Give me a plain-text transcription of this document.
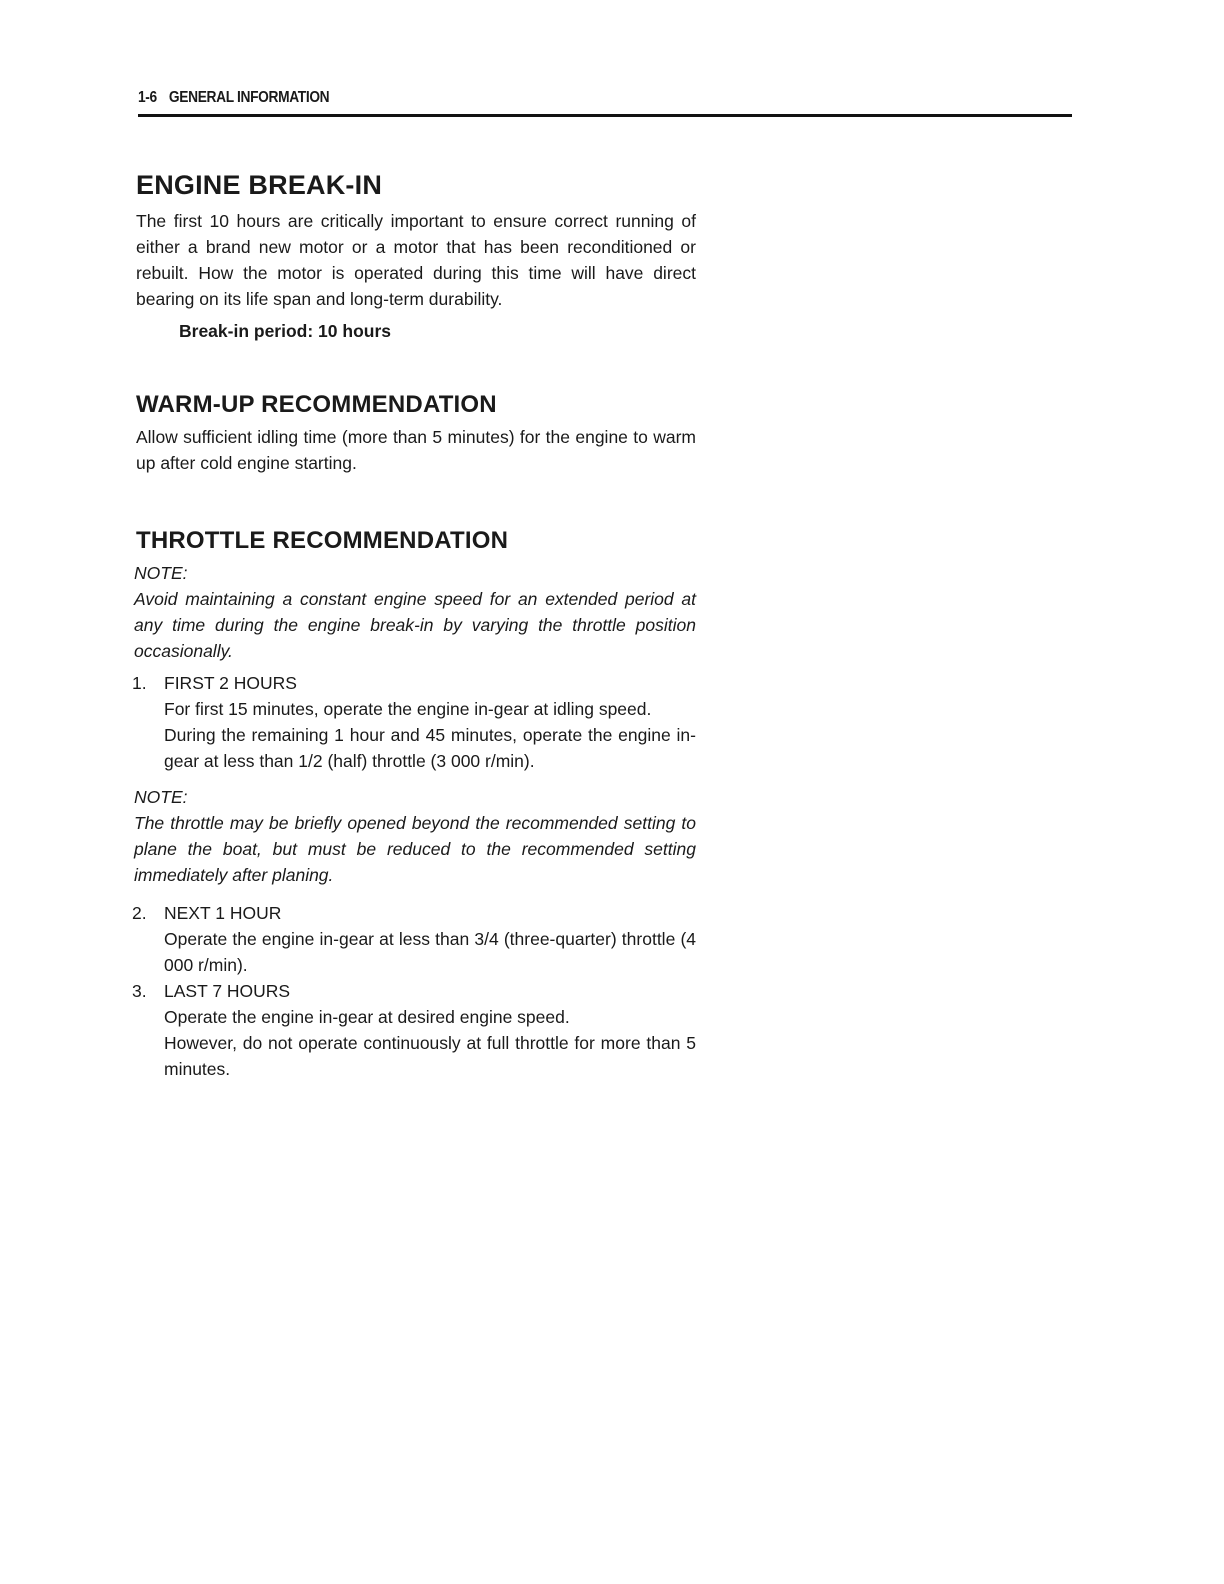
1-6 GENERAL INFORMATION
ENGINE BREAK-IN

The first 10 hours are critically important to ensure correct running of either a brand new motor or a motor that has been reconditioned or rebuilt. How the motor is operated during this time will have direct bearing on its life span and long-term durability.

Break-in period: 10 hours
WARM-UP RECOMMENDATION

Allow sufficient idling time (more than 5 minutes) for the engine to warm up after cold engine starting.

THROTTLE RECOMMENDATION
NOTE:
Avoid maintaining a constant engine speed for an extended period at any time during the engine break-in by varying the throttle position occasionally.
1. FIRST 2 HOURS
For first 15 minutes, operate the engine in-gear at idling speed.
During the remaining 1 hour and 45 minutes, operate the engine in-gear at less than 1/2 (half) throttle (3 000 r/min).
NOTE:
The throttle may be briefly opened beyond the recommended setting to plane the boat, but must be reduced to the recommended setting immediately after planing.
2. NEXT 1 HOUR
Operate the engine in-gear at less than 3/4 (three-quarter) throttle (4 000 r/min).
3. LAST 7 HOURS
Operate the engine in-gear at desired engine speed.
However, do not operate continuously at full throttle for more than 5 minutes.
